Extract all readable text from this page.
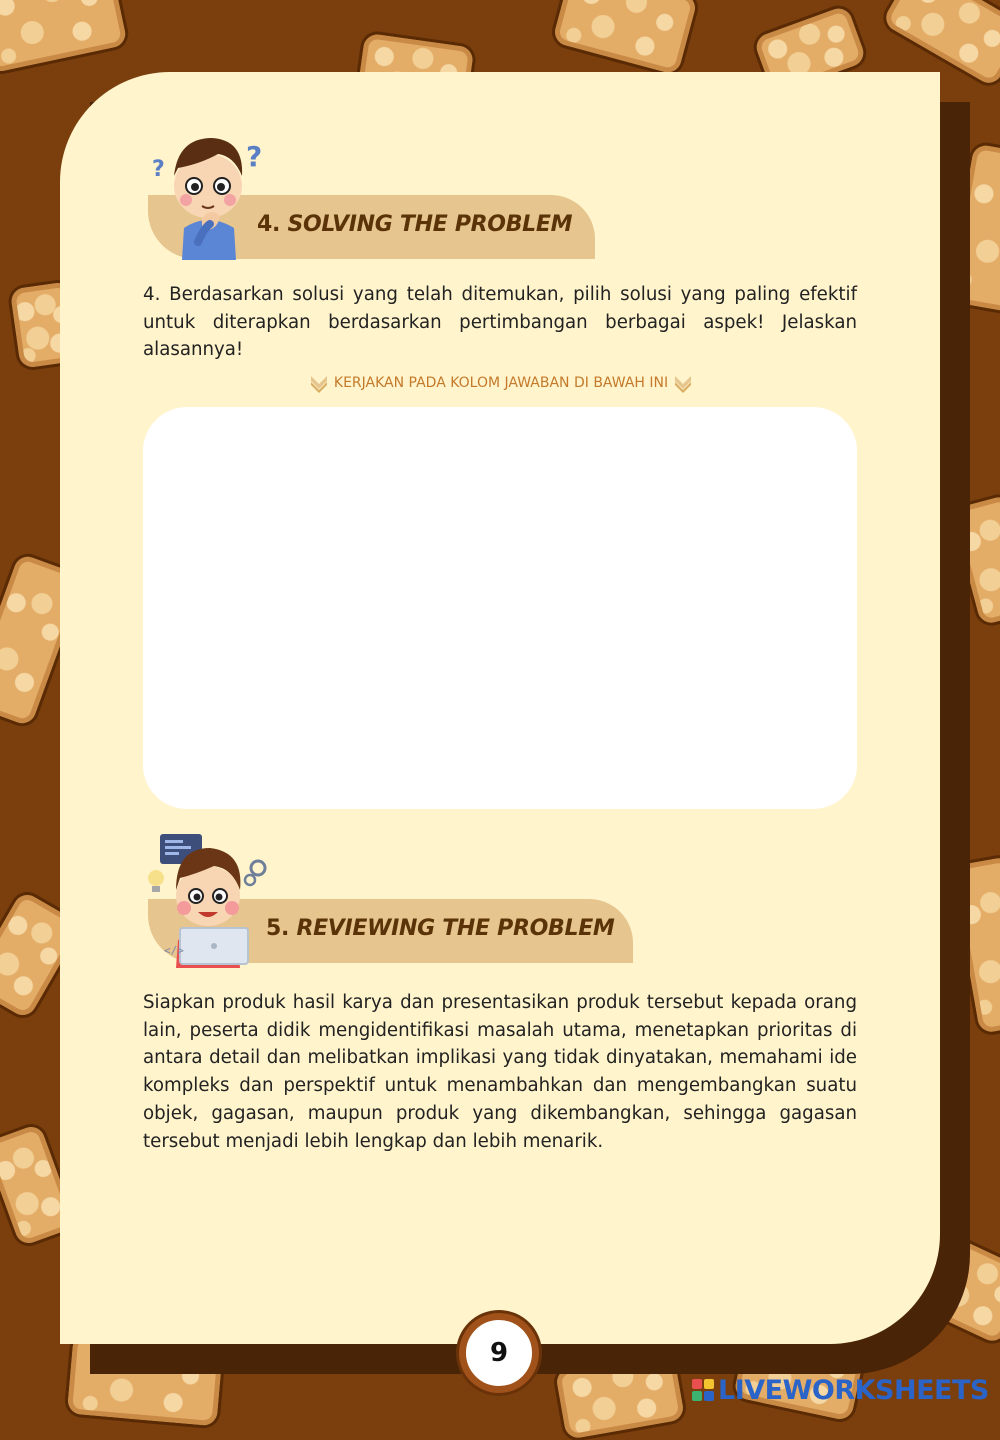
?	?
4. SOLVING THE PROBLEM

4. Berdasarkan solusi yang telah ditemukan, pilih solusi yang paling efektif untuk diterapkan berdasarkan pertimbangan berbagai aspek! Jelaskan alasannya!

KERJAKAN PADA KOLOM JAWABAN DI BAWAH INI
</>
5. REVIEWING THE PROBLEM

Siapkan produk hasil karya dan presentasikan produk tersebut kepada orang lain, peserta didik mengidentifikasi masalah utama, menetapkan prioritas di antara detail dan melibatkan implikasi yang tidak dinyatakan, memahami ide kompleks dan perspektif untuk menambahkan dan mengembangkan suatu objek, gagasan, maupun produk yang dikembangkan, sehingga gagasan tersebut menjadi lebih lengkap dan lebih menarik.

9
LIVEWORKSHEETS
